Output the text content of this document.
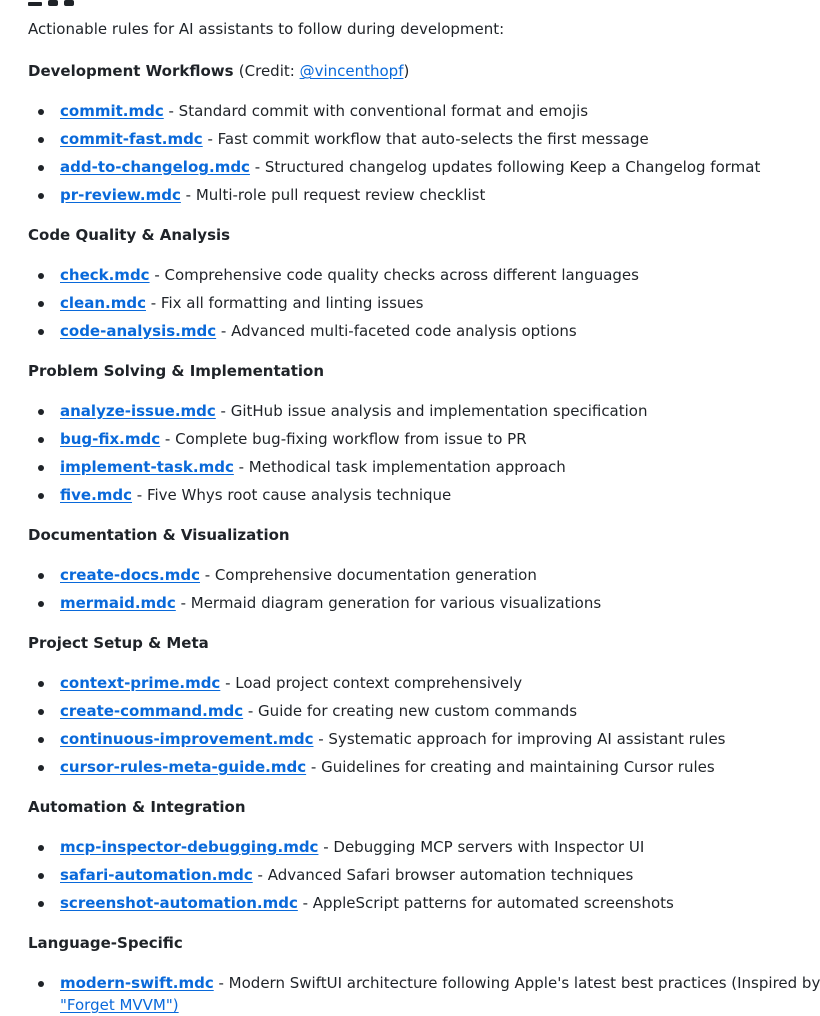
Actionable rules for AI assistants to follow during development:
Development Workflows (Credit: @vincenthopf)
commit.mdc - Standard commit with conventional format and emojis
commit-fast.mdc - Fast commit workflow that auto-selects the first message
add-to-changelog.mdc - Structured changelog updates following Keep a Changelog format
pr-review.mdc - Multi-role pull request review checklist
Code Quality & Analysis
check.mdc - Comprehensive code quality checks across different languages
clean.mdc - Fix all formatting and linting issues
code-analysis.mdc - Advanced multi-faceted code analysis options
Problem Solving & Implementation
analyze-issue.mdc - GitHub issue analysis and implementation specification
bug-fix.mdc - Complete bug-fixing workflow from issue to PR
implement-task.mdc - Methodical task implementation approach
five.mdc - Five Whys root cause analysis technique
Documentation & Visualization
create-docs.mdc - Comprehensive documentation generation
mermaid.mdc - Mermaid diagram generation for various visualizations
Project Setup & Meta
context-prime.mdc - Load project context comprehensively
create-command.mdc - Guide for creating new custom commands
continuous-improvement.mdc - Systematic approach for improving AI assistant rules
cursor-rules-meta-guide.mdc - Guidelines for creating and maintaining Cursor rules
Automation & Integration
mcp-inspector-debugging.mdc - Debugging MCP servers with Inspector UI
safari-automation.mdc - Advanced Safari browser automation techniques
screenshot-automation.mdc - AppleScript patterns for automated screenshots
Language-Specific
modern-swift.mdc - Modern SwiftUI architecture following Apple's latest best practices (Inspired by
"Forget MVVM")
